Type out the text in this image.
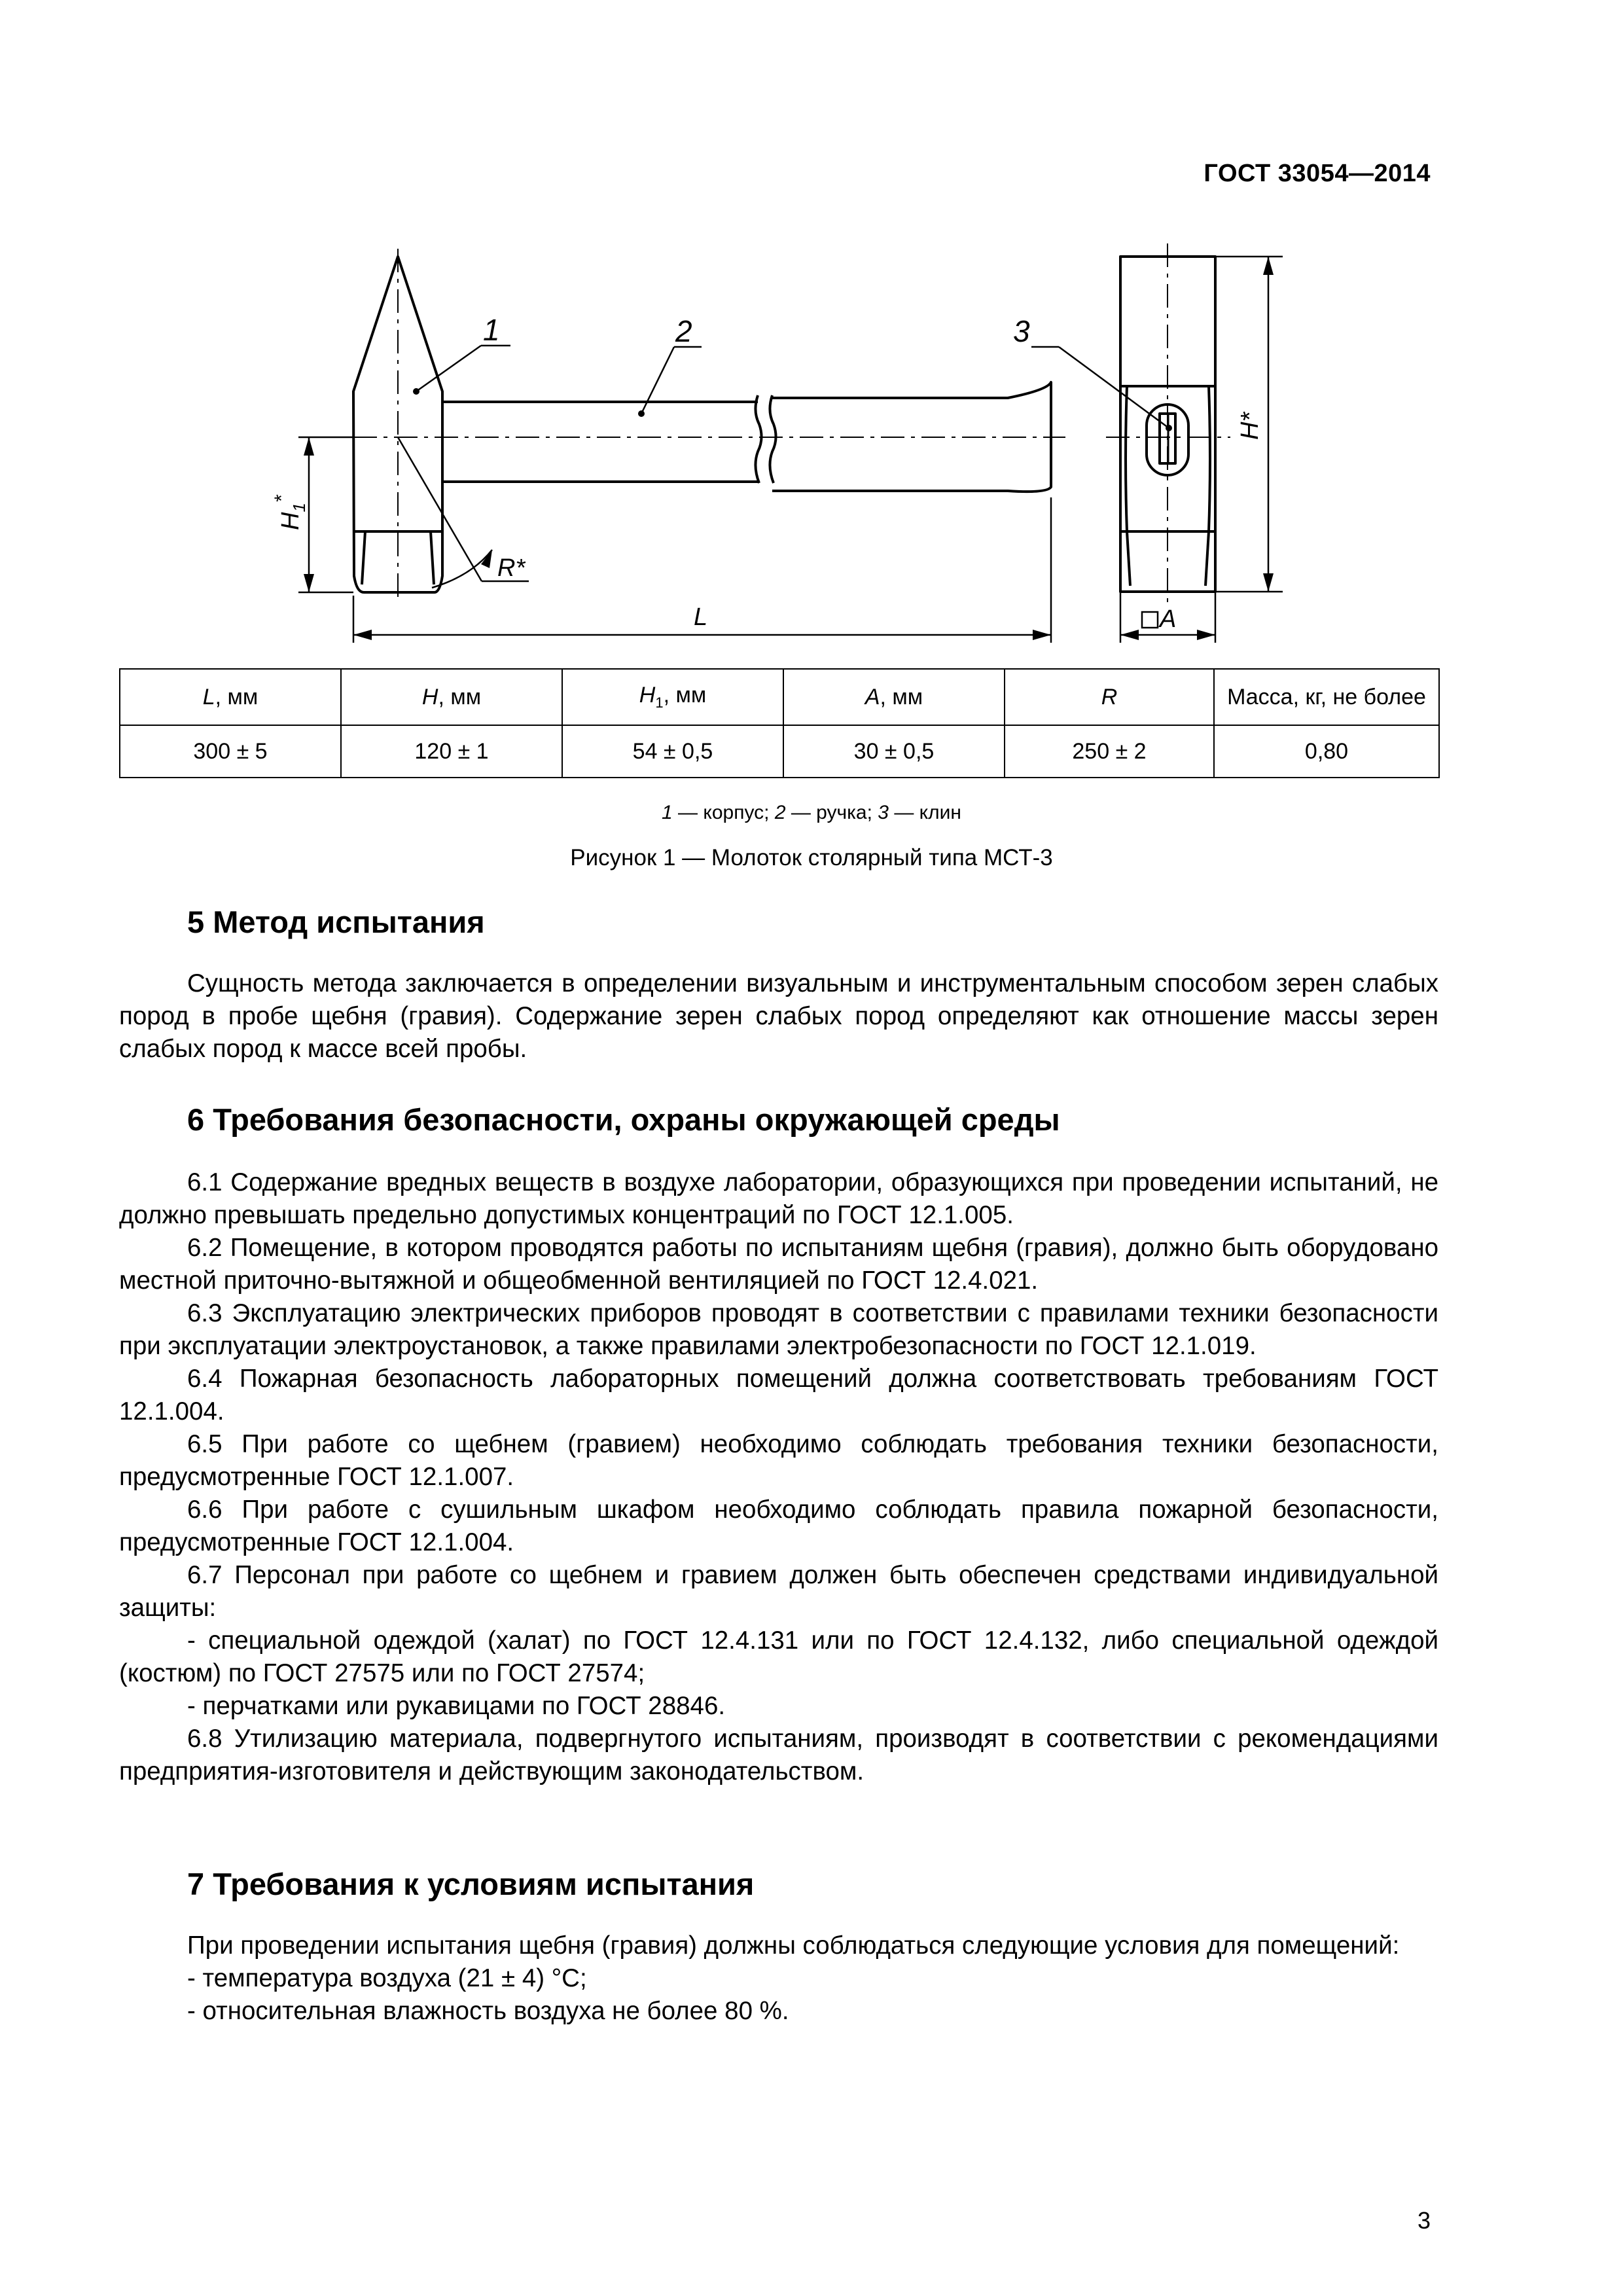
ГОСТ 33054—2014
1	2	3
L
R*
A
H*
$H_1^*$
L, мм	H, мм	$H_1$, мм	A, мм	R	Масса, кг, не более
300 ± 5	120 ± 1	54 ± 0,5	30 ± 0,5	250 ± 2	0,80
1 — корпус; 2 — ручка; 3 — клин
Рисунок 1 — Молоток столярный типа МСТ-3
5 Метод испытания
Сущность метода заключается в определении визуальным и инструментальным способом зерен слабых пород в пробе щебня (гравия). Содержание зерен слабых пород определяют как отношение массы зерен слабых пород к массе всей пробы.
6 Требования безопасности, охраны окружающей среды
6.1 Содержание вредных веществ в воздухе лаборатории, образующихся при проведении испытаний, не должно превышать предельно допустимых концентраций по ГОСТ 12.1.005.
6.2 Помещение, в котором проводятся работы по испытаниям щебня (гравия), должно быть оборудовано местной приточно-вытяжной и общеобменной вентиляцией по ГОСТ 12.4.021.
6.3 Эксплуатацию электрических приборов проводят в соответствии с правилами техники безопасности при эксплуатации электроустановок, а также правилами электробезопасности по ГОСТ 12.1.019.
6.4 Пожарная безопасность лабораторных помещений должна соответствовать требованиям ГОСТ 12.1.004.
6.5 При работе со щебнем (гравием) необходимо соблюдать требования техники безопасности, предусмотренные ГОСТ 12.1.007.
6.6 При работе с сушильным шкафом необходимо соблюдать правила пожарной безопасности, предусмотренные ГОСТ 12.1.004.
6.7 Персонал при работе со щебнем и гравием должен быть обеспечен средствами индивидуальной защиты:
- специальной одеждой (халат) по ГОСТ 12.4.131 или по ГОСТ 12.4.132, либо специальной одеждой (костюм) по ГОСТ 27575 или по ГОСТ 27574;
- перчатками или рукавицами по ГОСТ 28846.
6.8 Утилизацию материала, подвергнутого испытаниям, производят в соответствии с рекомендациями предприятия-изготовителя и действующим законодательством.
7 Требования к условиям испытания
При проведении испытания щебня (гравия) должны соблюдаться следующие условия для помещений:
- температура воздуха (21 ± 4) °С;
- относительная влажность воздуха не более 80 %.
3
